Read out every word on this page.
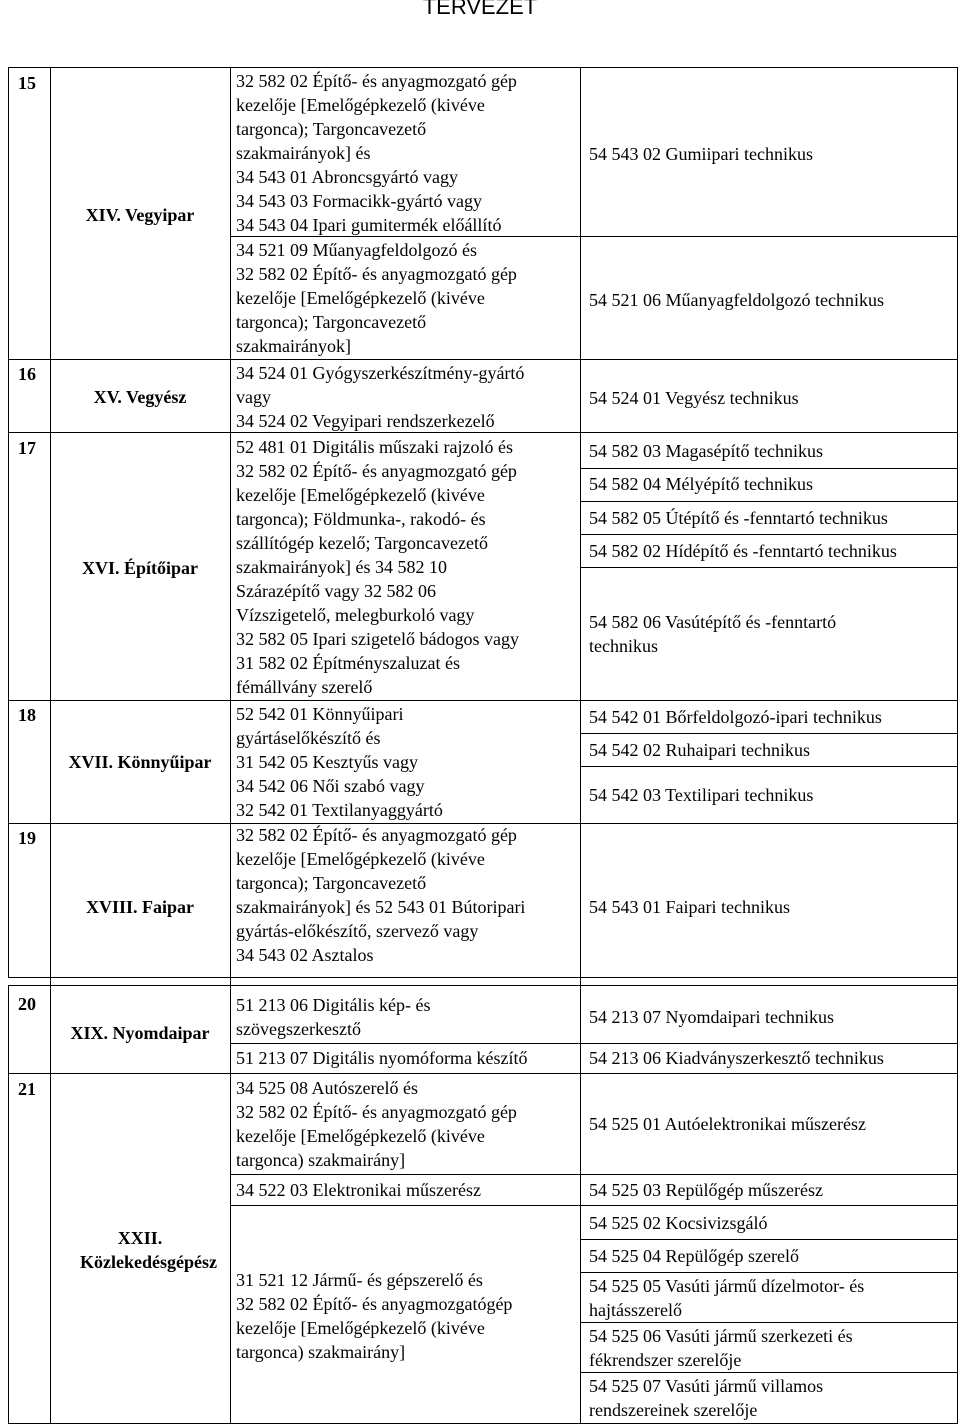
TERVEZET
15
16
17
18
19
20
21
XIV. Vegyipar
XV. Vegyész
XVI. Építőipar
XVII. Könnyűipar
XVIII. Faipar
XIX. Nyomdaipar
XXII. Közlekedésgépész
32 582 02 Építő- és anyagmozgató gép
kezelője [Emelőgépkezelő (kivéve
targonca); Targoncavezető
szakmairányok] és
34 543 01 Abroncsgyártó vagy
34 543 03 Formacikk-gyártó vagy
34 543 04 Ipari gumitermék előállító
34 521 09 Műanyagfeldolgozó és
32 582 02 Építő- és anyagmozgató gép
kezelője [Emelőgépkezelő (kivéve
targonca); Targoncavezető
szakmairányok]
34 524 01 Gyógyszerkészítmény-gyártó
vagy
34 524 02 Vegyipari rendszerkezelő
52 481 01 Digitális műszaki rajzoló és
32 582 02 Építő- és anyagmozgató gép
kezelője [Emelőgépkezelő (kivéve
targonca); Földmunka-, rakodó- és
szállítógép kezelő; Targoncavezető
szakmairányok] és 34 582 10
Szárazépítő vagy 32 582 06
Vízszigetelő, melegburkoló vagy
32 582 05 Ipari szigetelő bádogos vagy
31 582 02 Építményszaluzat és
fémállvány szerelő
52 542 01 Könnyűipari
gyártáselőkészítő és
31 542 05 Kesztyűs vagy
34 542 06 Női szabó vagy
32 542 01 Textilanyaggyártó
32 582 02 Építő- és anyagmozgató gép
kezelője [Emelőgépkezelő (kivéve
targonca); Targoncavezető
szakmairányok] és 52 543 01 Bútoripari
gyártás-előkészítő, szervező vagy
34 543 02 Asztalos
51 213 06 Digitális kép- és
szövegszerkesztő
51 213 07 Digitális nyomóforma készítő
34 525 08 Autószerelő és
32 582 02 Építő- és anyagmozgató gép
kezelője [Emelőgépkezelő (kivéve
targonca) szakmairány]
34 522 03 Elektronikai műszerész
31 521 12 Jármű- és gépszerelő és
32 582 02 Építő- és anyagmozgatógép
kezelője [Emelőgépkezelő (kivéve
targonca) szakmairány]
54 543 02 Gumiipari technikus
54 521 06 Műanyagfeldolgozó technikus
54 524 01 Vegyész technikus
54 582 03 Magasépítő technikus
54 582 04 Mélyépítő technikus
54 582 05 Útépítő és -fenntartó technikus
54 582 02 Hídépítő és -fenntartó technikus
54 582 06 Vasútépítő és -fenntartó
technikus
54 542 01 Bőrfeldolgozó-ipari technikus
54 542 02 Ruhaipari technikus
54 542 03 Textilipari technikus
54 543 01 Faipari technikus
54 213 07 Nyomdaipari technikus
54 213 06 Kiadványszerkesztő technikus
54 525 01 Autóelektronikai műszerész
54 525 03 Repülőgép műszerész
54 525 02 Kocsivizsgáló
54 525 04 Repülőgép szerelő
54 525 05 Vasúti jármű dízelmotor- és
hajtásszerelő
54 525 06 Vasúti jármű szerkezeti és
fékrendszer szerelője
54 525 07 Vasúti jármű villamos
rendszereinek szerelője
